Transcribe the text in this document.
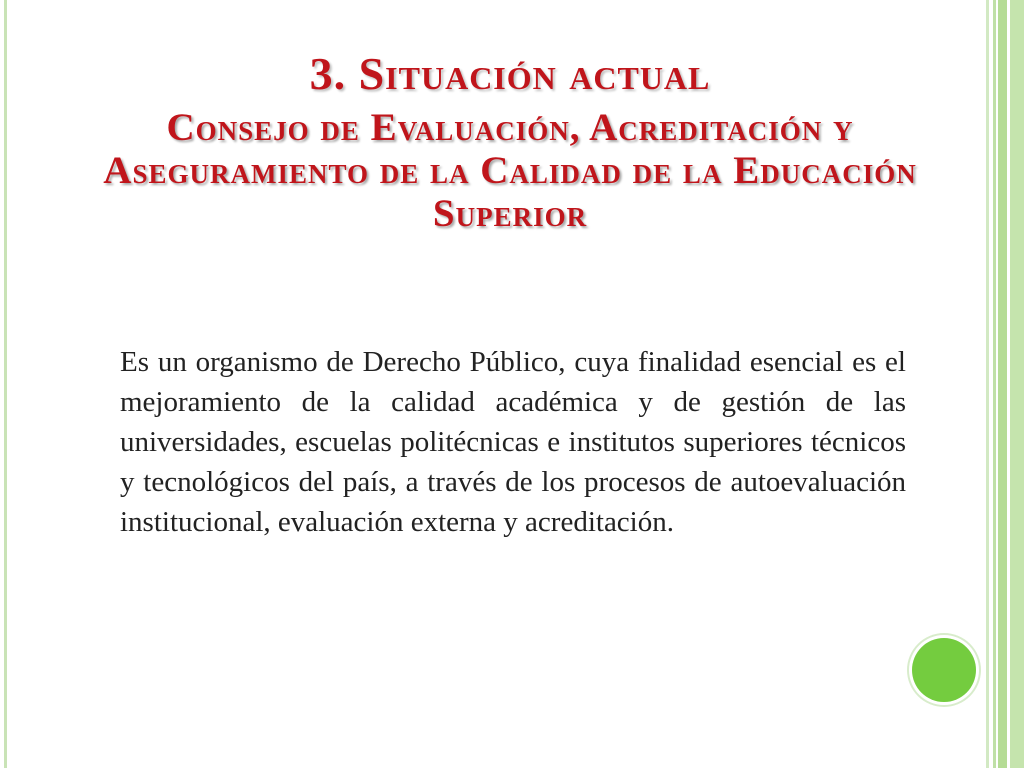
3. Situación actual
Consejo de Evaluación, Acreditación y Aseguramiento de la Calidad de la Educación Superior

Es un organismo de Derecho Público, cuya finalidad esencial es el mejoramiento de la calidad académica y de gestión de las universidades, escuelas politécnicas e institutos superiores técnicos y tecnológicos del país, a través de los procesos de autoevaluación institucional, evaluación externa y acreditación.
